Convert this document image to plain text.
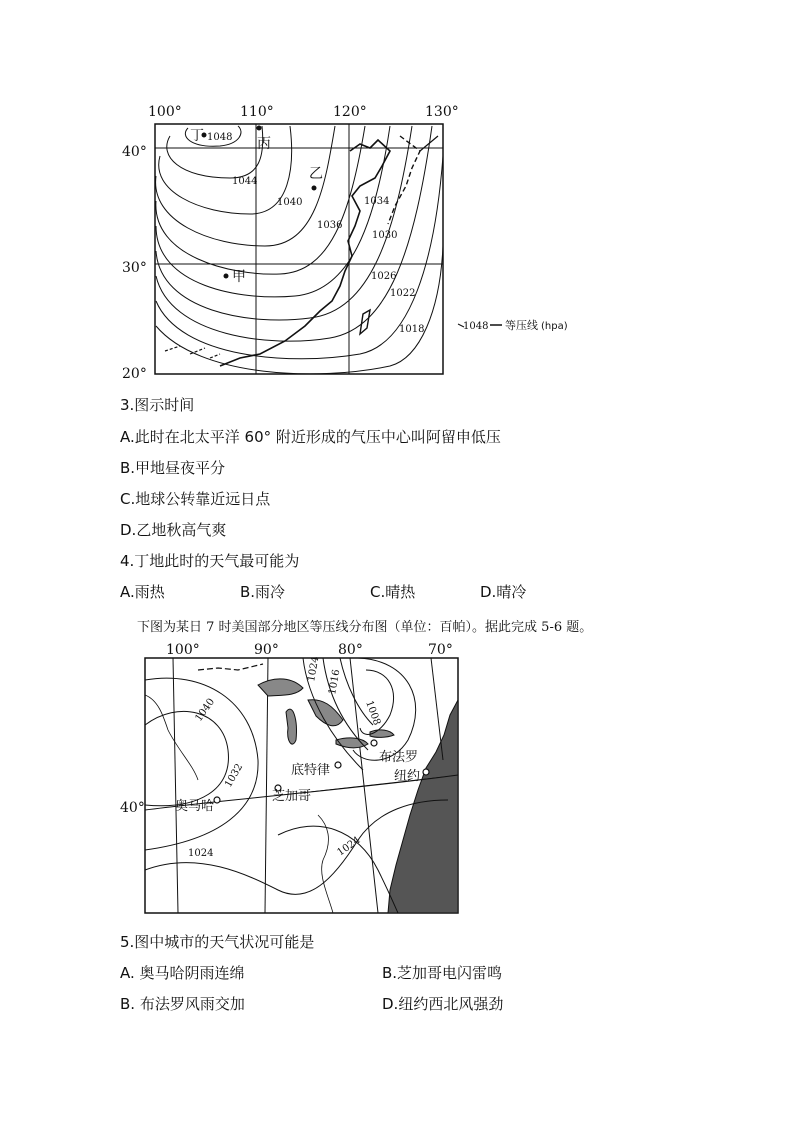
100°	110°	120°	130°
40°
30°
20°
丁	丙
乙
甲
1048
1044
1040
1036
1034
1030
1026
1022
1018	1048 等压线 (hpa)
3.图示时间
A.此时在北太平洋 60° 附近形成的气压中心叫阿留申低压
B.甲地昼夜平分
C.地球公转靠近远日点
D.乙地秋高气爽
4.丁地此时的天气最可能为
A.雨热	B.雨冷	C.晴热	D.晴冷
下图为某日 7 时美国部分地区等压线分布图（单位：百帕）。据此完成 5-6 题。
布法罗
纽约
底特律
芝加哥
奥马哈
100°	90°	80°	70°
40°
1040
1032
1024 1016
1008
1024	1024
5.图中城市的天气状况可能是
A. 奥马哈阴雨连绵	B.芝加哥电闪雷鸣
B. 布法罗风雨交加	D.纽约西北风强劲
